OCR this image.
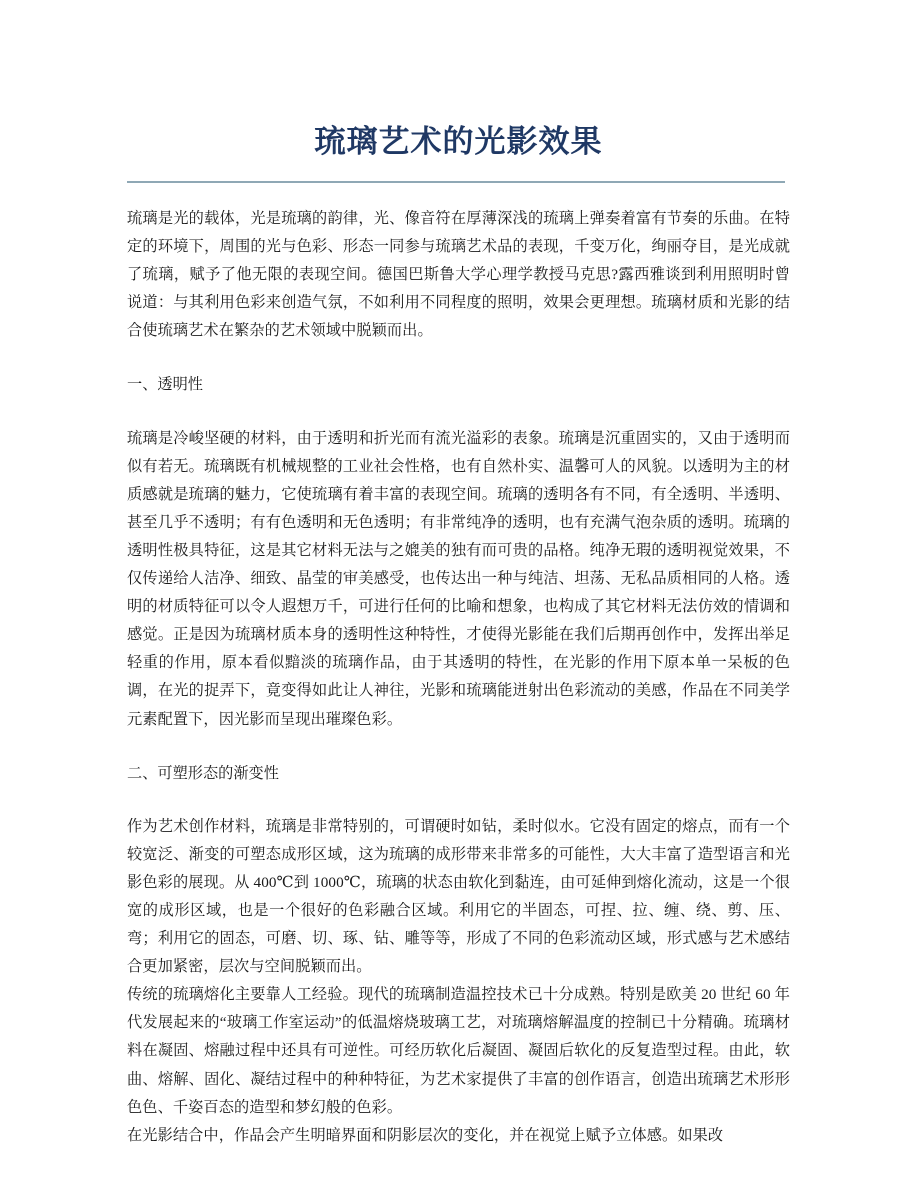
琉璃艺术的光影效果

琉璃是光的载体，光是琉璃的韵律，光、像音符在厚薄深浅的琉璃上弹奏着富有节奏的乐曲。在特定的环境下，周围的光与色彩、形态一同参与琉璃艺术品的表现，千变万化，绚丽夺目，是光成就了琉璃，赋予了他无限的表现空间。德国巴斯鲁大学心理学教授马克思?露西雅谈到利用照明时曾说道：与其利用色彩来创造气氛，不如利用不同程度的照明，效果会更理想。琉璃材质和光影的结合使琉璃艺术在繁杂的艺术领域中脱颖而出。

一、透明性

琉璃是冷峻坚硬的材料，由于透明和折光而有流光溢彩的表象。琉璃是沉重固实的，又由于透明而似有若无。琉璃既有机械规整的工业社会性格，也有自然朴实、温馨可人的风貌。以透明为主的材质感就是琉璃的魅力，它使琉璃有着丰富的表现空间。琉璃的透明各有不同，有全透明、半透明、甚至几乎不透明；有有色透明和无色透明；有非常纯净的透明，也有充满气泡杂质的透明。琉璃的透明性极具特征，这是其它材料无法与之媲美的独有而可贵的品格。纯净无瑕的透明视觉效果，不仅传递给人洁净、细致、晶莹的审美感受，也传达出一种与纯洁、坦荡、无私品质相同的人格。透明的材质特征可以令人遐想万千，可进行任何的比喻和想象，也构成了其它材料无法仿效的情调和感觉。正是因为琉璃材质本身的透明性这种特性，才使得光影能在我们后期再创作中，发挥出举足轻重的作用，原本看似黯淡的琉璃作品，由于其透明的特性，在光影的作用下原本单一呆板的色调，在光的捉弄下，竟变得如此让人神往，光影和琉璃能迸射出色彩流动的美感，作品在不同美学元素配置下，因光影而呈现出璀璨色彩。

二、可塑形态的渐变性

作为艺术创作材料，琉璃是非常特别的，可谓硬时如钻，柔时似水。它没有固定的熔点，而有一个较宽泛、渐变的可塑态成形区域，这为琉璃的成形带来非常多的可能性，大大丰富了造型语言和光影色彩的展现。从 400℃到 1000℃，琉璃的状态由软化到黏连，由可延伸到熔化流动，这是一个很宽的成形区域，也是一个很好的色彩融合区域。利用它的半固态，可捏、拉、缠、绕、剪、压、弯；利用它的固态，可磨、切、琢、钻、雕等等，形成了不同的色彩流动区域，形式感与艺术感结合更加紧密，层次与空间脱颖而出。

传统的琉璃熔化主要靠人工经验。现代的琉璃制造温控技术已十分成熟。特别是欧美 20 世纪 60 年代发展起来的“玻璃工作室运动”的低温熔烧玻璃工艺，对琉璃熔解温度的控制已十分精确。琉璃材料在凝固、熔融过程中还具有可逆性。可经历软化后凝固、凝固后软化的反复造型过程。由此，软曲、熔解、固化、凝结过程中的种种特征，为艺术家提供了丰富的创作语言，创造出琉璃艺术形形色色、千姿百态的造型和梦幻般的色彩。

在光影结合中，作品会产生明暗界面和阴影层次的变化，并在视觉上赋予立体感。如果改
